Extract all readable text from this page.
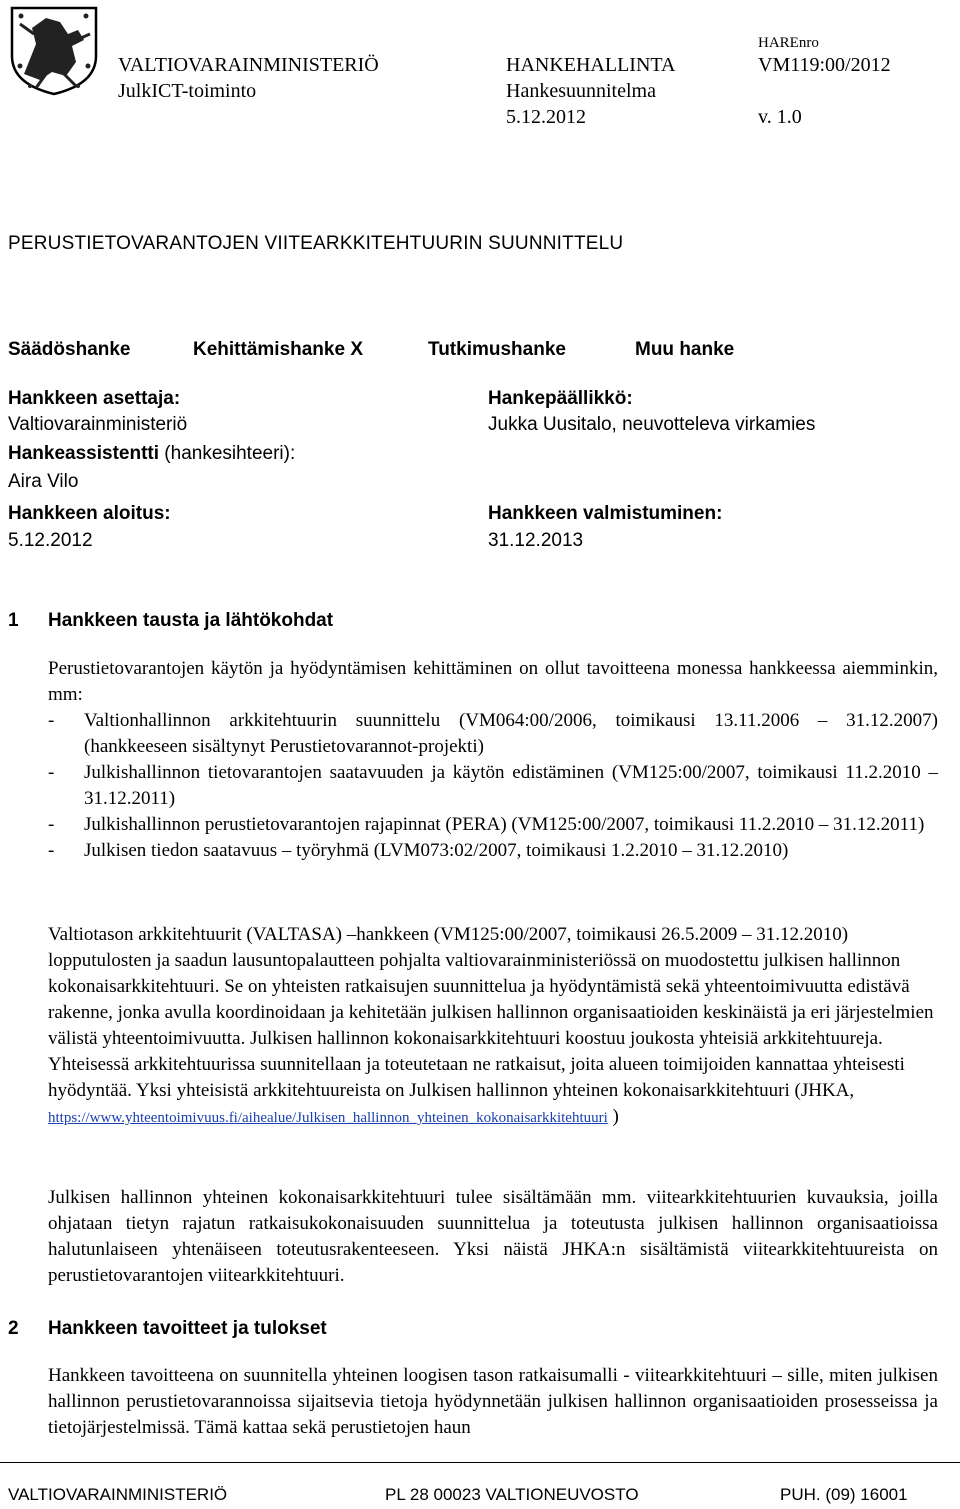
VALTIOVARAINMINISTERIÖ
JulkICT-toiminto
HANKEHALLINTA
Hankesuunnitelma
5.12.2012
HAREnro
VM119:00/2012
v. 1.0
PERUSTIETOVARANTOJEN VIITEARKKITEHTUURIN SUUNNITTELU
Säädöshanke	Kehittämishanke X	Tutkimushanke	Muu hanke
Hankkeen asettaja:
Valtiovarainministeriö
Hankepäällikkö:
Jukka Uusitalo, neuvotteleva virkamies
Hankeassistentti (hankesihteeri):
Aira Vilo
Hankkeen aloitus:
5.12.2012
Hankkeen valmistuminen:
31.12.2013
1 Hankkeen tausta ja lähtökohdat

Perustietovarantojen käytön ja hyödyntämisen kehittäminen on ollut tavoitteena monessa hankkeessa aiemminkin, mm:

- Valtionhallinnon arkkitehtuurin suunnittelu (VM064:00/2006, toimikausi 13.11.2006 – 31.12.2007) (hankkeeseen sisältynyt Perustietovarannot-projekti)
- Julkishallinnon tietovarantojen saatavuuden ja käytön edistäminen (VM125:00/2007, toimikausi 11.2.2010 – 31.12.2011)
- Julkishallinnon perustietovarantojen rajapinnat (PERA) (VM125:00/2007, toimikausi 11.2.2010 – 31.12.2011)
- Julkisen tiedon saatavuus – työryhmä (LVM073:02/2007, toimikausi 1.2.2010 – 31.12.2010)

Valtiotason arkkitehtuurit (VALTASA) –hankkeen (VM125:00/2007, toimikausi 26.5.2009 – 31.12.2010) lopputulosten ja saadun lausuntopalautteen pohjalta valtiovarainministeriössä on muodostettu julkisen hallinnon kokonaisarkkitehtuuri. Se on yhteisten ratkaisujen suunnittelua ja hyödyntämistä sekä yhteentoimivuutta edistävä rakenne, jonka avulla koordinoidaan ja kehitetään julkisen hallinnon organisaatioiden keskinäistä ja eri järjestelmien välistä yhteentoimivuutta. Julkisen hallinnon kokonaisarkkitehtuuri koostuu joukosta yhteisiä arkkitehtuureja. Yhteisessä arkkitehtuurissa suunnitellaan ja toteutetaan ne ratkaisut, joita alueen toimijoiden kannattaa yhteisesti hyödyntää. Yksi yhteisistä arkkitehtuureista on Julkisen hallinnon yhteinen kokonaisarkkitehtuuri (JHKA, https://www.yhteentoimivuus.fi/aihealue/Julkisen_hallinnon_yhteinen_kokonaisarkkitehtuuri )

Julkisen hallinnon yhteinen kokonaisarkkitehtuuri tulee sisältämään mm. viitearkkitehtuurien kuvauksia, joilla ohjataan tietyn rajatun ratkaisukokonaisuuden suunnittelua ja toteutusta julkisen hallinnon organisaatioissa halutunlaiseen yhtenäiseen toteutusrakenteeseen. Yksi näistä JHKA:n sisältämistä viitearkkitehtuureista on perustietovarantojen viitearkkitehtuuri.

2 Hankkeen tavoitteet ja tulokset

Hankkeen tavoitteena on suunnitella yhteinen loogisen tason ratkaisumalli - viitearkkitehtuuri – sille, miten julkisen hallinnon perustietovarannoissa sijaitsevia tietoja hyödynnetään julkisen hallinnon organisaatioiden prosesseissa ja tietojärjestelmissä. Tämä kattaa sekä perustietojen haun

VALTIOVARAINMINISTERIÖ	PL 28 00023 VALTIONEUVOSTO	PUH. (09) 16001
